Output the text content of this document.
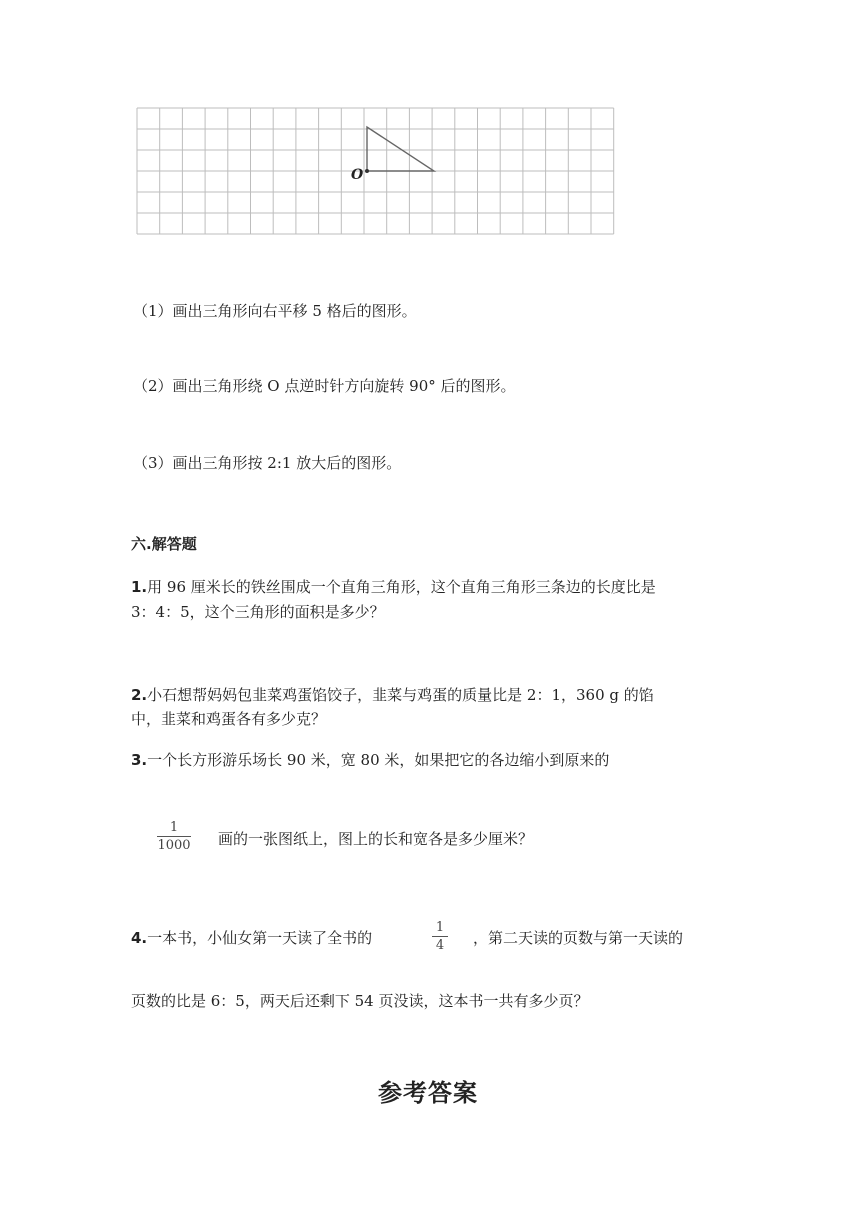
O
（1）画出三角形向右平移 5 格后的图形。
（2）画出三角形绕 O 点逆时针方向旋转 90° 后的图形。
（3）画出三角形按 2:1 放大后的图形。
六.解答题
1.用 96 厘米长的铁丝围成一个直角三角形，这个直角三角形三条边的长度比是
3：4：5，这个三角形的面积是多少？
2.小石想帮妈妈包韭菜鸡蛋馅饺子，韭菜与鸡蛋的质量比是 2：1，360 g 的馅
中，韭菜和鸡蛋各有多少克？
3.一个长方形游乐场长 90 米，宽 80 米，如果把它的各边缩小到原来的
1
1000 画的一张图纸上，图上的长和宽各是多少厘米？
4.一本书，小仙女第一天读了全书的
1
4 ，第二天读的页数与第一天读的
页数的比是 6：5，两天后还剩下 54 页没读，这本书一共有多少页？
参考答案
